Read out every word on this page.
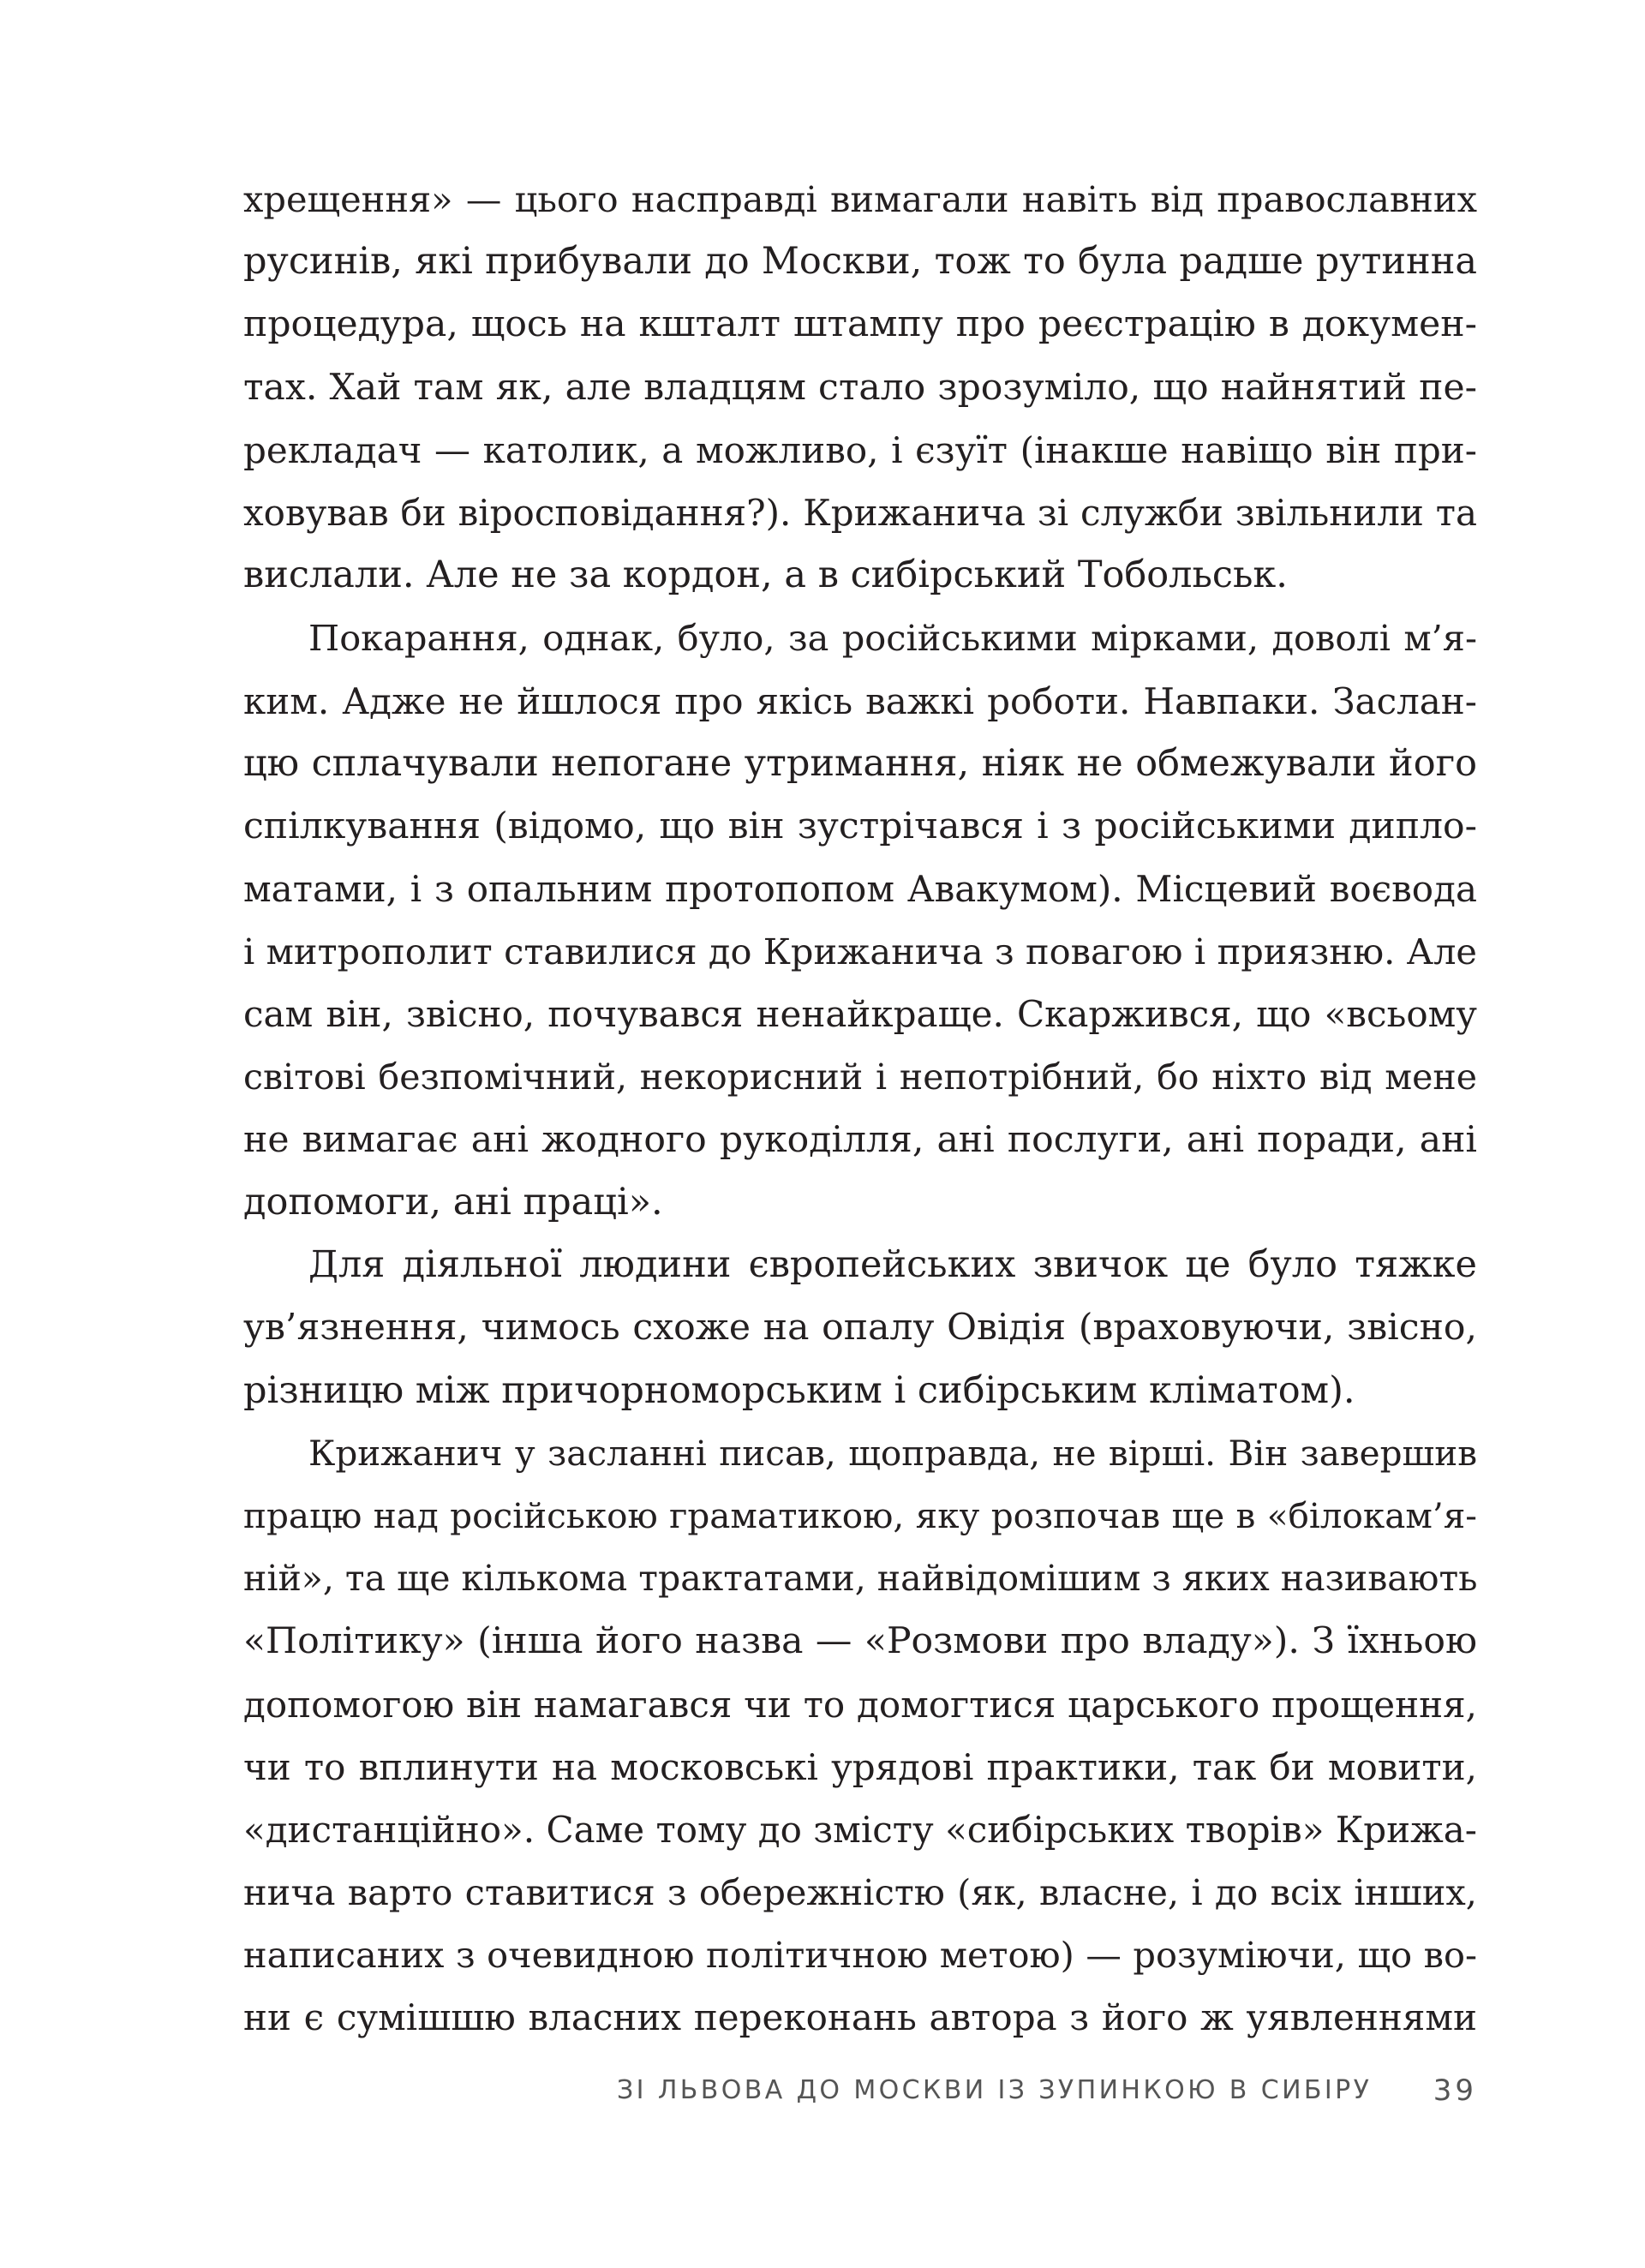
хрещення» — цього насправді вимагали навіть від православних
русинів, які прибували до Москви, тож то була радше рутинна
процедура, щось на кшталт штампу про реєстрацію в докумен-
тах. Хай там як, але владцям стало зрозуміло, що найнятий пе-
рекладач — католик, а можливо, і єзуїт (інакше навіщо він при-
ховував би віросповідання?). Крижанича зі служби звільнили та
вислали. Але не за кордон, а в сибірський Тобольськ.
Покарання, однак, було, за російськими мірками, доволі м’я-
ким. Адже не йшлося про якісь важкі роботи. Навпаки. Заслан-
цю сплачували непогане утримання, ніяк не обмежували його
спілкування (відомо, що він зустрічався і з російськими дипло-
матами, і з опальним протопопом Авакумом). Місцевий воєвода
і митрополит ставилися до Крижанича з повагою і приязню. Але
сам він, звісно, почувався ненайкраще. Скаржився, що «всьому
світові безпомічний, некорисний і непотрібний, бо ніхто від мене
не вимагає ані жодного рукоділля, ані послуги, ані поради, ані
допомоги, ані праці».
Для діяльної людини європейських звичок це було тяжке
ув’язнення, чимось схоже на опалу Овідія (враховуючи, звісно,
різницю між причорноморським і сибірським кліматом).
Крижанич у засланні писав, щоправда, не вірші. Він завершив
працю над російською граматикою, яку розпочав ще в «білокам’я-
ній», та ще кількома трактатами, найвідомішим з яких називають
«Політику» (інша його назва — «Розмови про владу»). З їхньою
допомогою він намагався чи то домогтися царського прощення,
чи то вплинути на московські урядові практики, так би мовити,
«дистанційно». Саме тому до змісту «сибірських творів» Крижа-
нича варто ставитися з обережністю (як, власне, і до всіх інших,
написаних з очевидною політичною метою) — розуміючи, що во-
ни є сумішшю власних переконань автора з його ж уявленнями
ЗІ ЛЬВОВА ДО МОСКВИ ІЗ ЗУПИНКОЮ В СИБІРУ	39
